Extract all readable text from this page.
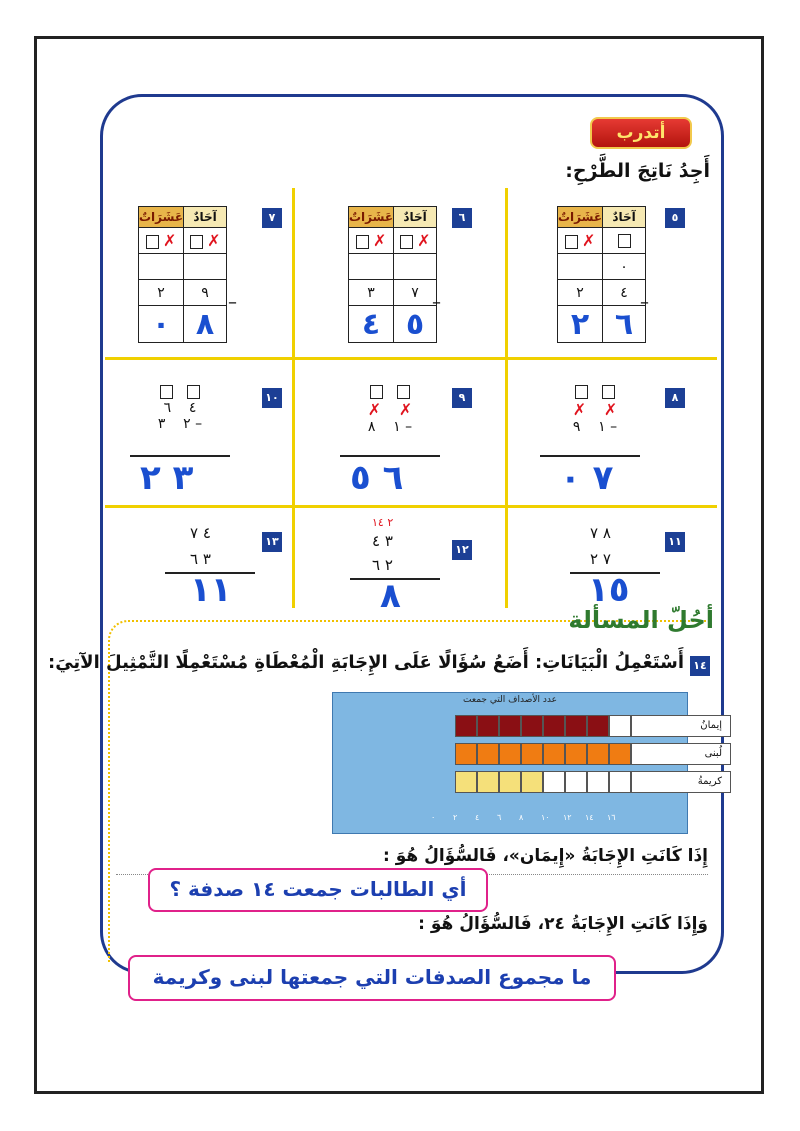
أتدرب
أَجِدُ نَاتِجَ الطَّرْحِ:
٥
عَشَرَاتٌ	آحَادٌ
✗	
	٠
٢	٤
٢	٦
–
٦
عَشَرَاتٌ	آحَادٌ
✗	✗

٣	٧
٤	٥
–
٧
عَشَرَاتٌ	آحَادٌ
✗	✗

٢	٩
٠	٨
–
٨

✗ ✗
١    ٩ –
٧ ٠
٩

✗ ✗
١    ٨ –
٦ ٥
١٠

٤    ٦
٢    ٣ –
٣ ٢
١١
٨ ٧
٧ ٢
١٥
١٢
٢ ١٤
٣ ٤
٢ ٦
٨
١٣
٤ ٧
٣ ٦
١١
أحُلّ المسألة
١٤
أَسْتَعْمِلُ الْبَيَانَاتِ: أَضَعُ سُؤَالًا عَلَى الإِجَابَةِ الْمُعْطَاةِ مُسْتَعْمِلًا التَّمْثِيلَ الآتِيَ:
عدد الأصداف التي جمعت
إيمانُ
لُبنى
كريمةُ
٠ ٢ ٤ ٦ ٨ ١٠ ١٢ ١٤ ١٦
إِذَا كَانَتِ الإِجَابَةُ «إِيمَان»، فَالسُّؤَالُ هُوَ :
أي الطالبات جمعت ١٤ صدفة ؟
وَإِذَا كَانَتِ الإِجَابَةُ ٢٤، فَالسُّؤَالُ هُوَ :
ما مجموع الصدفات التي جمعتها لبنى وكريمة
